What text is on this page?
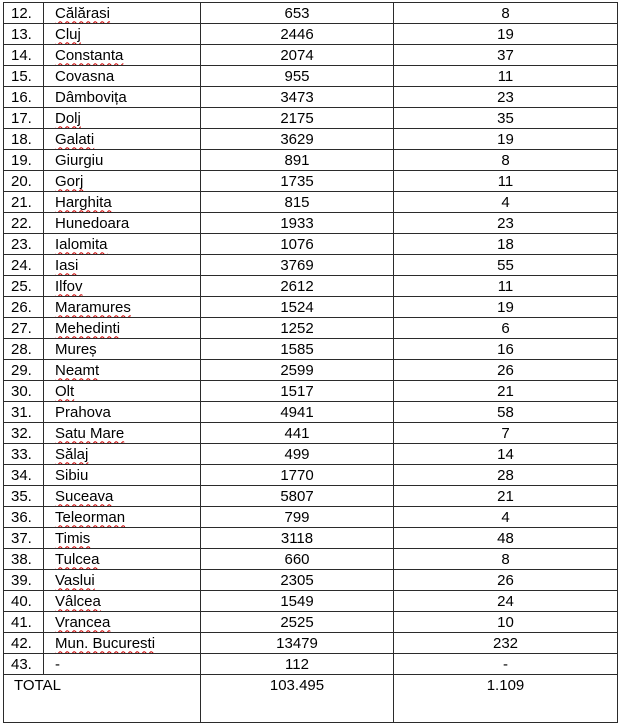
12.	Călărasi	653	8
13.	Cluj	2446	19
14.	Constanta	2074	37
15.	Covasna	955	11
16.	Dâmbovița	3473	23
17.	Dolj	2175	35
18.	Galati	3629	19
19.	Giurgiu	891	8
20.	Gorj	1735	11
21.	Harghita	815	4
22.	Hunedoara	1933	23
23.	Ialomita	1076	18
24.	Iasi	3769	55
25.	Ilfov	2612	11
26.	Maramures	1524	19
27.	Mehedinti	1252	6
28.	Mureș	1585	16
29.	Neamt	2599	26
30.	Olt	1517	21
31.	Prahova	4941	58
32.	Satu Mare	441	7
33.	Sălaj	499	14
34.	Sibiu	1770	28
35.	Suceava	5807	21
36.	Teleorman	799	4
37.	Timis	3118	48
38.	Tulcea	660	8
39.	Vaslui	2305	26
40.	Vâlcea	1549	24
41.	Vrancea	2525	10
42.	Mun. Bucuresti	13479	232
43.	-	112	-
TOTAL		103.495	1.109
